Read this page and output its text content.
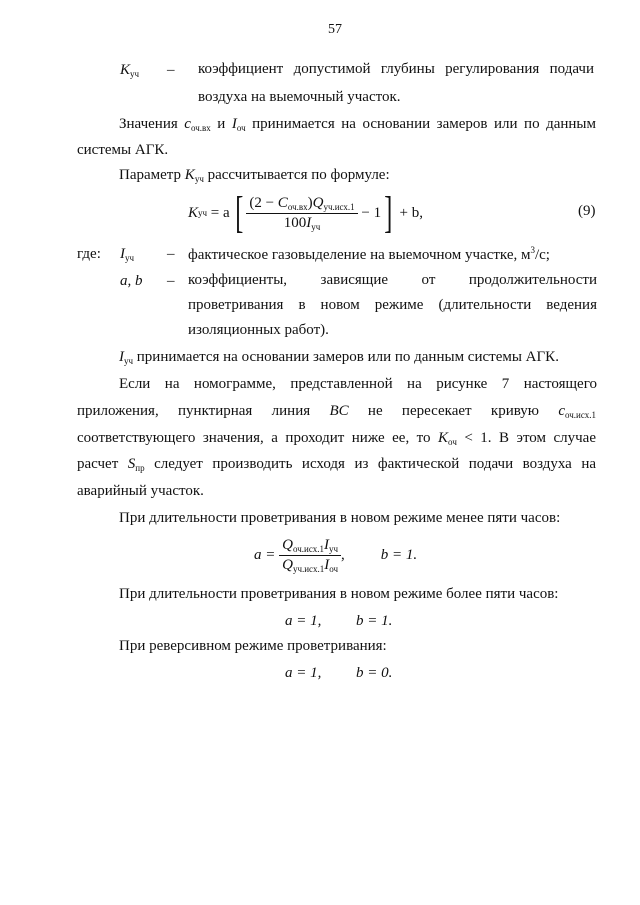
57
$K_{уч}$ – коэффициент допустимой глубины регулирования подачи
воздуха на выемочный участок.
Значения $c_{оч.вх}$ и $I_{оч}$ принимается на основании замеров или по данным
системы АГК.
Параметр $K_{уч}$ рассчитывается по формуле:
K уч = a [ $\frac{(2 - C_{оч.вх})Q_{уч.исх.1}}{100I_{уч}} - 1$ ] + b,	(9)
где: $I_{уч}$ – фактическое газовыделение на выемочном участке, $м^3/с$;
a, b – коэффициенты, зависящие от продолжительности
проветривания в новом режиме (длительности ведения
изоляционных работ).
$I_{уч}$ принимается на основании замеров или по данным системы АГК.
Если на номограмме, представленной на рисунке 7 настоящего
приложения, пунктирная линия BC не пересекает кривую $c_{оч.исх.1}$
соответствующего значения, а проходит ниже ее, то $K_{оч} < 1$. В этом случае
расчет $S_{пр}$ следует производить исходя из фактической подачи воздуха на
аварийный участок.
При длительности проветривания в новом режиме менее пяти часов:
$a = \frac{Q_{оч.исх.1}I_{уч}}{Q_{уч.исх.1}I_{оч}}$ , b = 1.
При длительности проветривания в новом режиме более пяти часов:
a = 1, b = 1.
При реверсивном режиме проветривания:
a = 1, b = 0.
